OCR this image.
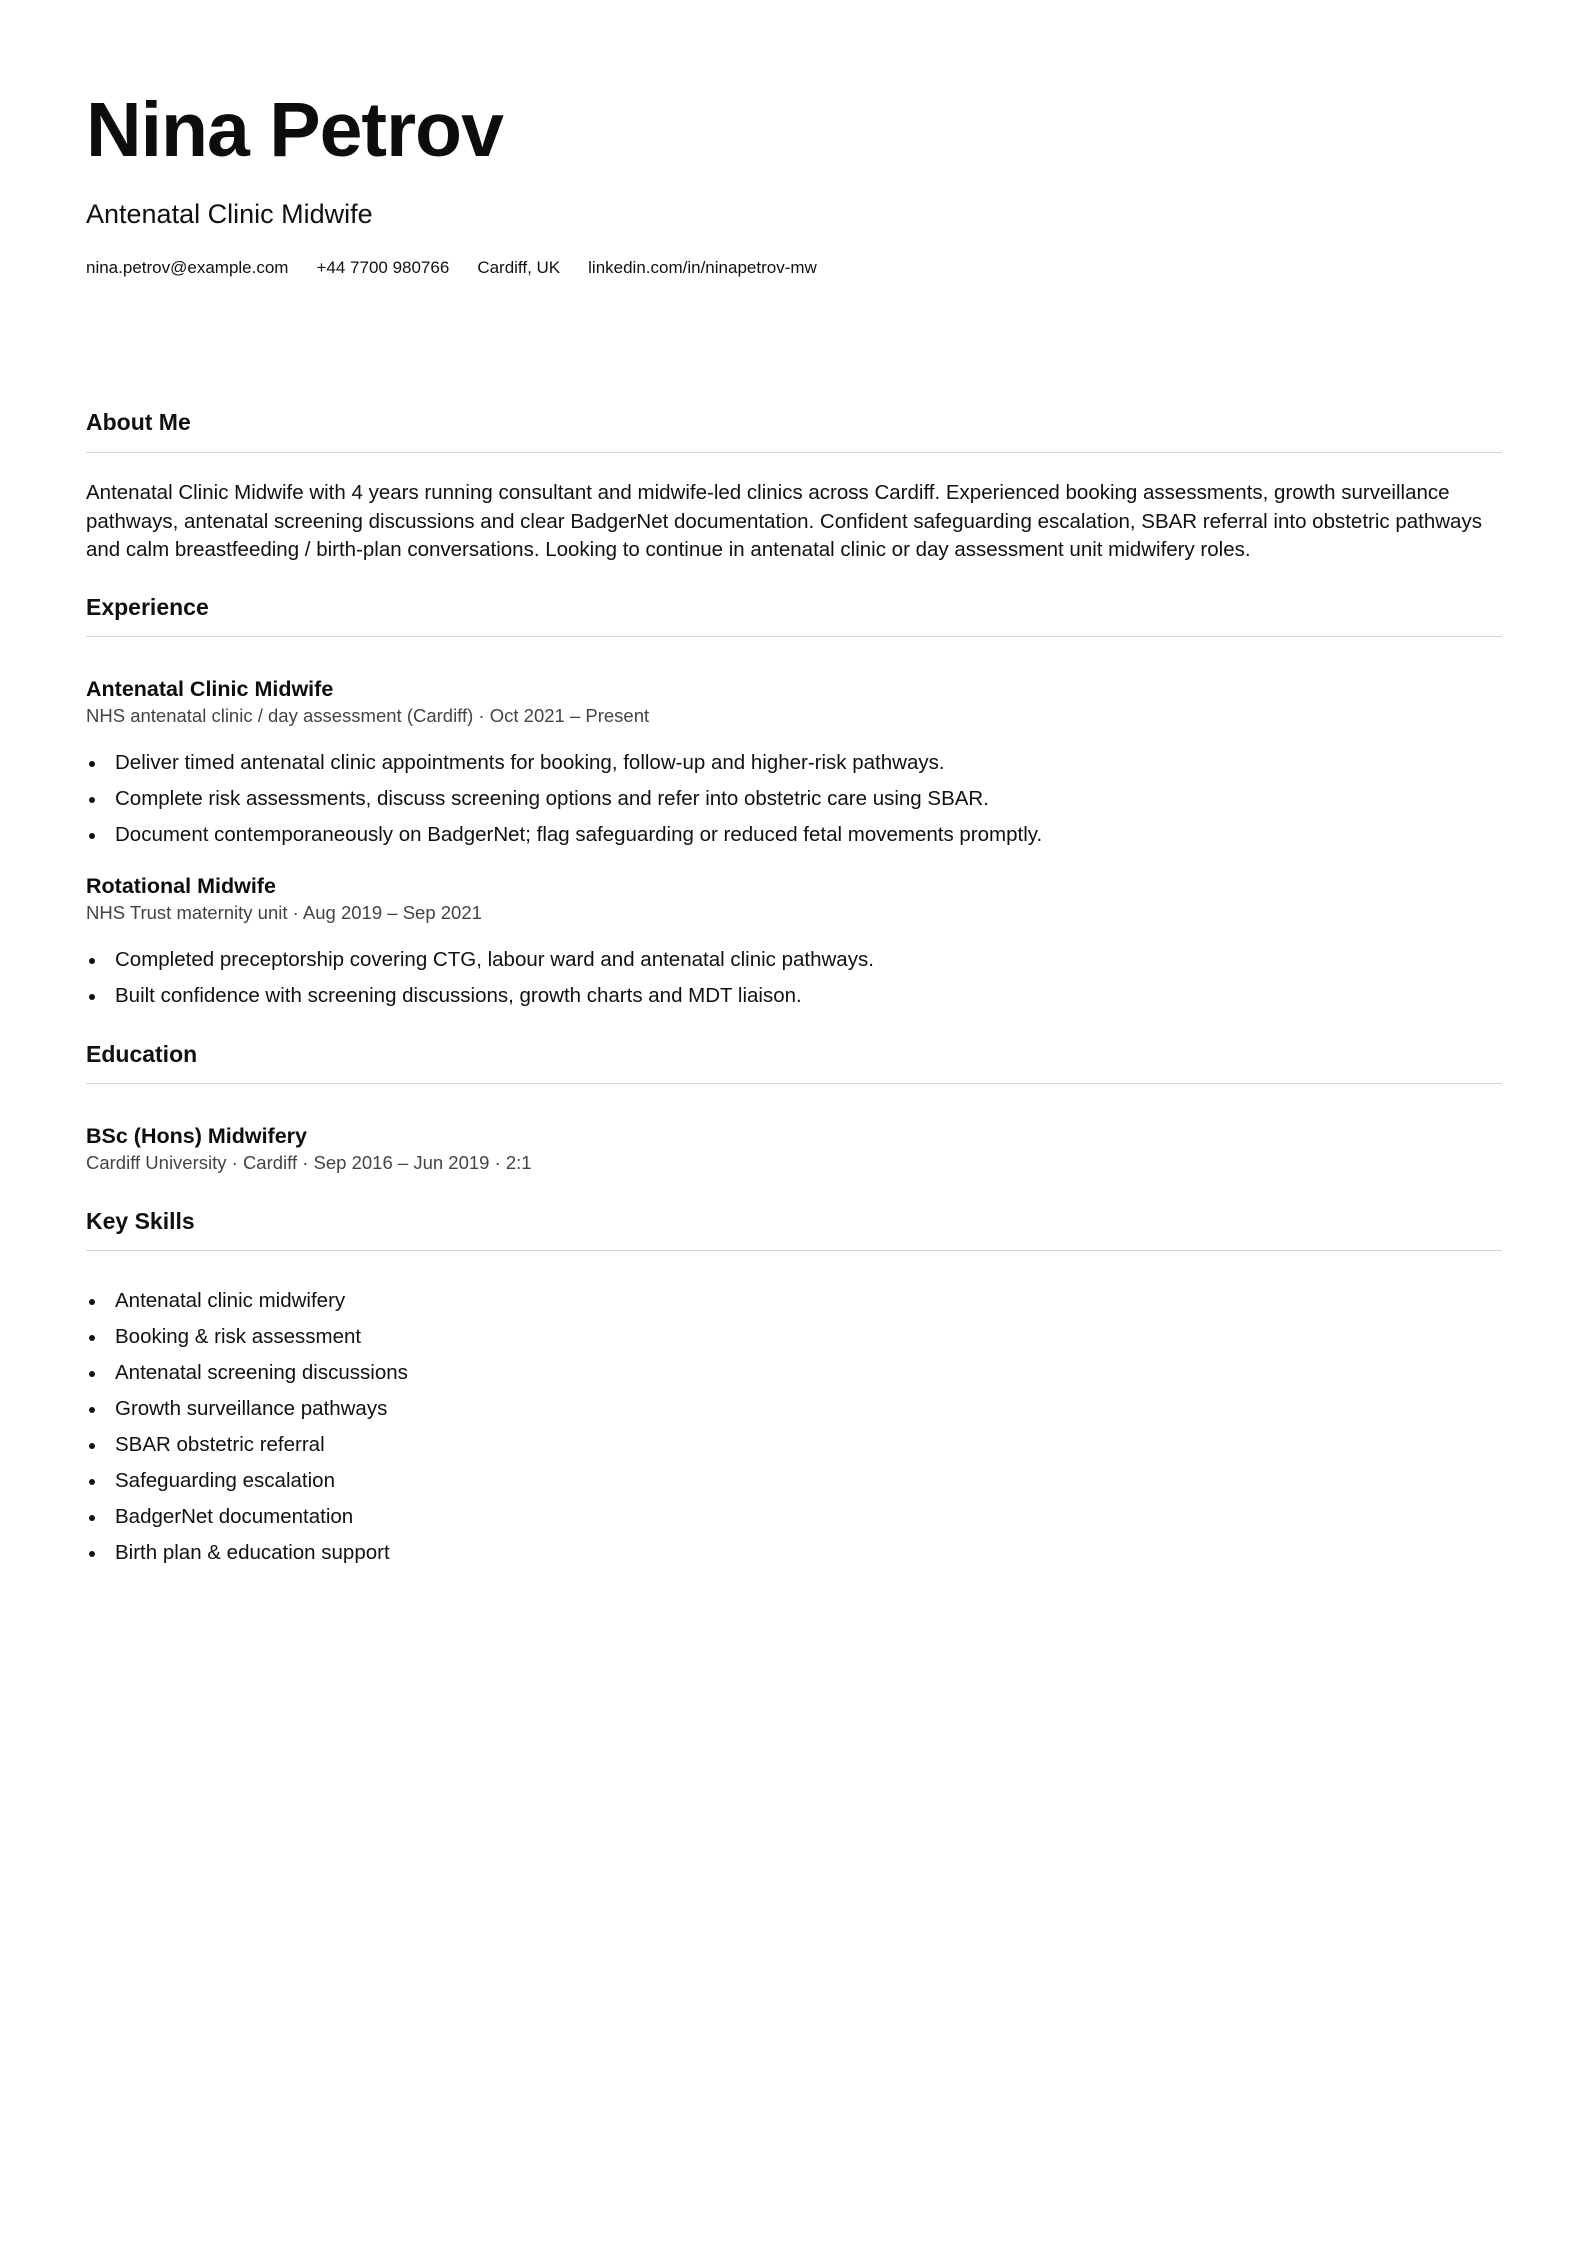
Nina Petrov
Antenatal Clinic Midwife
nina.petrov@example.com +44 7700 980766 Cardiff, UK linkedin.com/in/ninapetrov-mw
About Me

Antenatal Clinic Midwife with 4 years running consultant and midwife-led clinics across Cardiff. Experienced booking assessments, growth surveillance pathways, antenatal screening discussions and clear BadgerNet documentation. Confident safeguarding escalation, SBAR referral into obstetric pathways and calm breastfeeding / birth-plan conversations. Looking to continue in antenatal clinic or day assessment unit midwifery roles.

Experience
Antenatal Clinic Midwife
NHS antenatal clinic / day assessment (Cardiff) · Oct 2021 – Present
Deliver timed antenatal clinic appointments for booking, follow-up and higher-risk pathways.
Complete risk assessments, discuss screening options and refer into obstetric care using SBAR.
Document contemporaneously on BadgerNet; flag safeguarding or reduced fetal movements promptly.
Rotational Midwife
NHS Trust maternity unit · Aug 2019 – Sep 2021
Completed preceptorship covering CTG, labour ward and antenatal clinic pathways.
Built confidence with screening discussions, growth charts and MDT liaison.
Education
BSc (Hons) Midwifery
Cardiff University · Cardiff · Sep 2016 – Jun 2019 · 2:1
Key Skills
Antenatal clinic midwifery
Booking & risk assessment
Antenatal screening discussions
Growth surveillance pathways
SBAR obstetric referral
Safeguarding escalation
BadgerNet documentation
Birth plan & education support
